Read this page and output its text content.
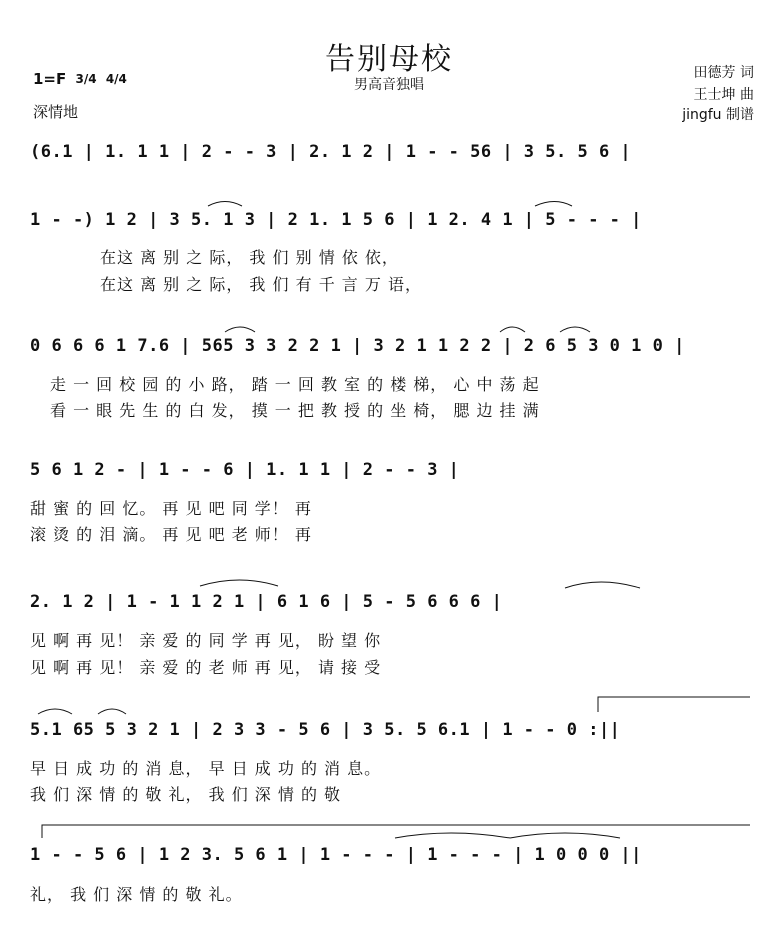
告别母校
男高音独唱
1=F 3/4
4/4
深情地
田德芳 词
王士坤 曲
jingfu 制谱
(6.1 | 1. 1 1 | 2 - - 3 | 2. 1 2 | 1 - - 56 | 3 5. 5 6 |
1 - -) 1 2 | 3 5. 1 3 | 2 1. 1 5 6 | 1 2. 4 1 | 5 - - - |
在这 离 别 之 际， 我 们 别 情 依 依，
在这 离 别 之 际， 我 们 有 千 言 万 语，
0 6 6 6 1 7.6 | 565 3 3 2 2 1 | 3 2 1 1 2 2 | 2 6 5 3 0 1 0 |
走 一 回 校 园 的 小 路， 踏 一 回 教 室 的 楼 梯， 心 中 荡 起
看 一 眼 先 生 的 白 发， 摸 一 把 教 授 的 坐 椅， 腮 边 挂 满
5 6 1 2 - | 1 - - 6 | 1. 1 1 | 2 - - 3 |
甜 蜜 的 回 忆。 再 见 吧 同 学！ 再
滚 烫 的 泪 滴。 再 见 吧 老 师！ 再
2. 1 2 | 1 - 1 1 2 1 | 6 1 6 | 5 - 5 6 6 6 |
见 啊 再 见！ 亲 爱 的 同 学 再 见， 盼 望 你
见 啊 再 见！ 亲 爱 的 老 师 再 见， 请 接 受
5.1 65 5 3 2 1 | 2 3 3 - 5 6 | 3 5. 5 6.1 | 1 - - 0 :||
早 日 成 功 的 消 息， 早 日 成 功 的 消 息。
我 们 深 情 的 敬 礼， 我 们 深 情 的 敬
1 - - 5 6 | 1 2 3. 5 6 1 | 1 - - - | 1 - - - | 1 0 0 0 ||
礼， 我 们 深 情 的 敬 礼。
